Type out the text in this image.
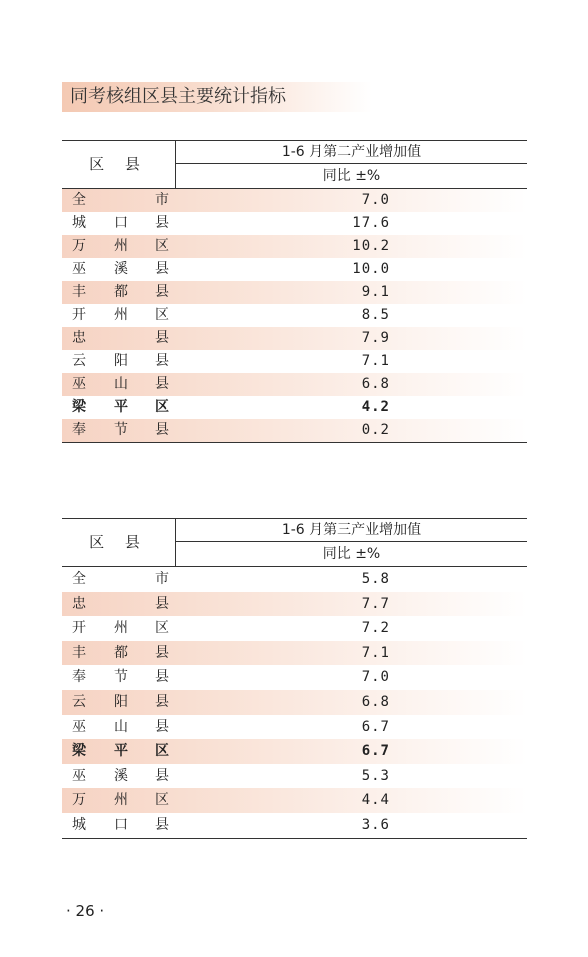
同考核组区县主要统计指标
区 县
1-6 月第二产业增加值
同比 ±%
全	市	7.0
城 口 县	17.6
万 州 区	10.2
巫 溪 县	10.0
丰 都 县	9.1
开 州 区	8.5
忠	县	7.9
云 阳 县	7.1
巫 山 县	6.8
梁 平 区	4.2
奉 节 县	0.2
区 县
1-6 月第三产业增加值
同比 ±%
全	市	5.8
忠	县	7.7
开 州 区	7.2
丰 都 县	7.1
奉 节 县	7.0
云 阳 县	6.8
巫 山 县	6.7
梁 平 区	6.7
巫 溪 县	5.3
万 州 区	4.4
城 口 县	3.6
· 26 ·
